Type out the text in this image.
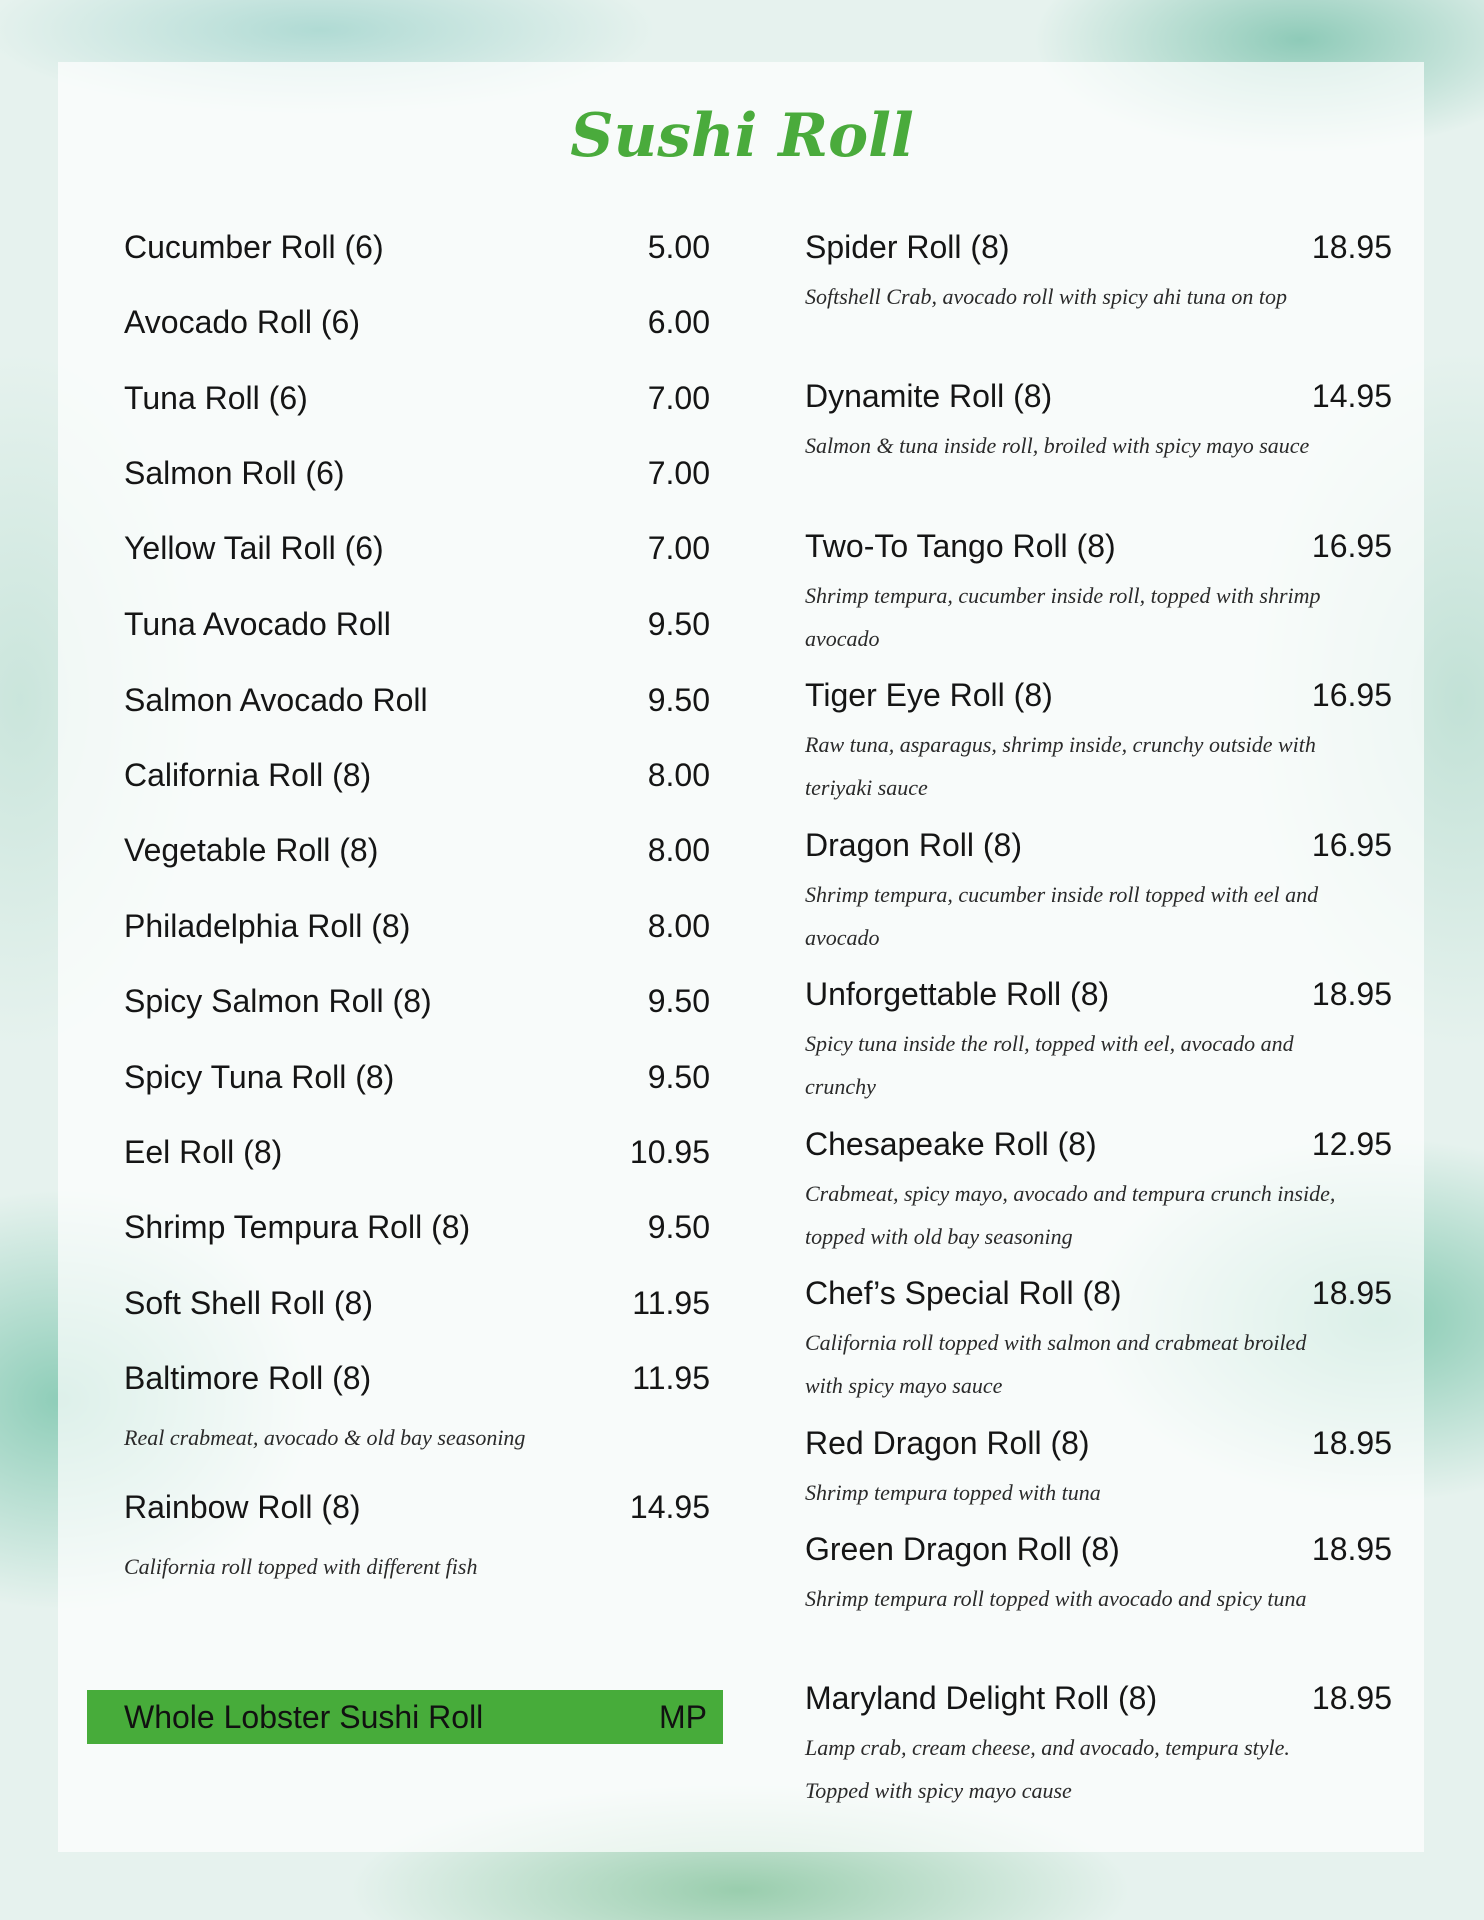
Sushi Roll
Cucumber Roll (6)	5.00
Avocado Roll (6)	6.00
Tuna Roll (6)	7.00
Salmon Roll (6)	7.00
Yellow Tail Roll (6)	7.00
Tuna Avocado Roll	9.50
Salmon Avocado Roll	9.50
California Roll (8)	8.00
Vegetable Roll (8)	8.00
Philadelphia Roll (8)	8.00
Spicy Salmon Roll (8)	9.50
Spicy Tuna Roll (8)	9.50
Eel Roll (8)	10.95
Shrimp Tempura Roll (8)	9.50
Soft Shell Roll (8)	11.95
Baltimore Roll (8)	11.95
Real crabmeat, avocado & old bay seasoning
Rainbow Roll (8)	14.95
California roll topped with different fish
Whole Lobster Sushi Roll	MP
Spider Roll (8)	18.95
Softshell Crab, avocado roll with spicy ahi tuna on top
Dynamite Roll (8)	14.95
Salmon & tuna inside roll, broiled with spicy mayo sauce
Two-To Tango Roll (8)	16.95
Shrimp tempura, cucumber inside roll, topped with shrimp avocado
Tiger Eye Roll (8)	16.95
Raw tuna, asparagus, shrimp inside, crunchy outside with teriyaki sauce
Dragon Roll (8)	16.95
Shrimp tempura, cucumber inside roll topped with eel and avocado
Unforgettable Roll (8)	18.95
Spicy tuna inside the roll, topped with eel, avocado and crunchy
Chesapeake Roll (8)	12.95
Crabmeat, spicy mayo, avocado and tempura crunch inside, topped with old bay seasoning
Chef’s Special Roll (8)	18.95
California roll topped with salmon and crabmeat broiled with spicy mayo sauce
Red Dragon Roll (8)	18.95
Shrimp tempura topped with tuna
Green Dragon Roll (8)	18.95
Shrimp tempura roll topped with avocado and spicy tuna
Maryland Delight Roll (8)	18.95
Lamp crab, cream cheese, and avocado, tempura style. Topped with spicy mayo cause
